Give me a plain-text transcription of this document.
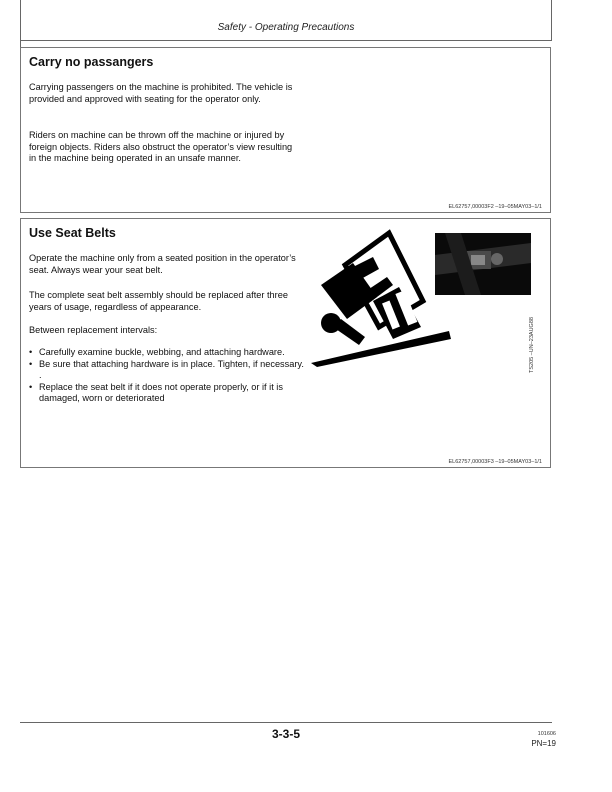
Safety - Operating Precautions
Carry no passangers

Carrying passengers on the machine is prohibited. The vehicle is provided and approved with seating for the operator only.

Riders on machine can be thrown off the machine or injured by foreign objects. Riders also obstruct the operator’s view resulting in the machine being operated in an unsafe manner.

EL62757,00003F2 –19–05MAY03–1/1
Use Seat Belts

Operate the machine only from a seated position in the operator’s seat. Always wear your seat belt.

The complete seat belt assembly should be replaced after three years of usage, regardless of appearance.

Between replacement intervals:

• Carefully examine buckle, webbing, and attaching hardware.
• Be sure that attaching hardware is in place. Tighten, if necessary. .
• Replace the seat belt if it does not operate properly, or if it is damaged, worn or deteriorated
TS205 –UN–23AUG88
EL62757,00003F3 –19–05MAY03–1/1
3-3-5	101606
PN=19
